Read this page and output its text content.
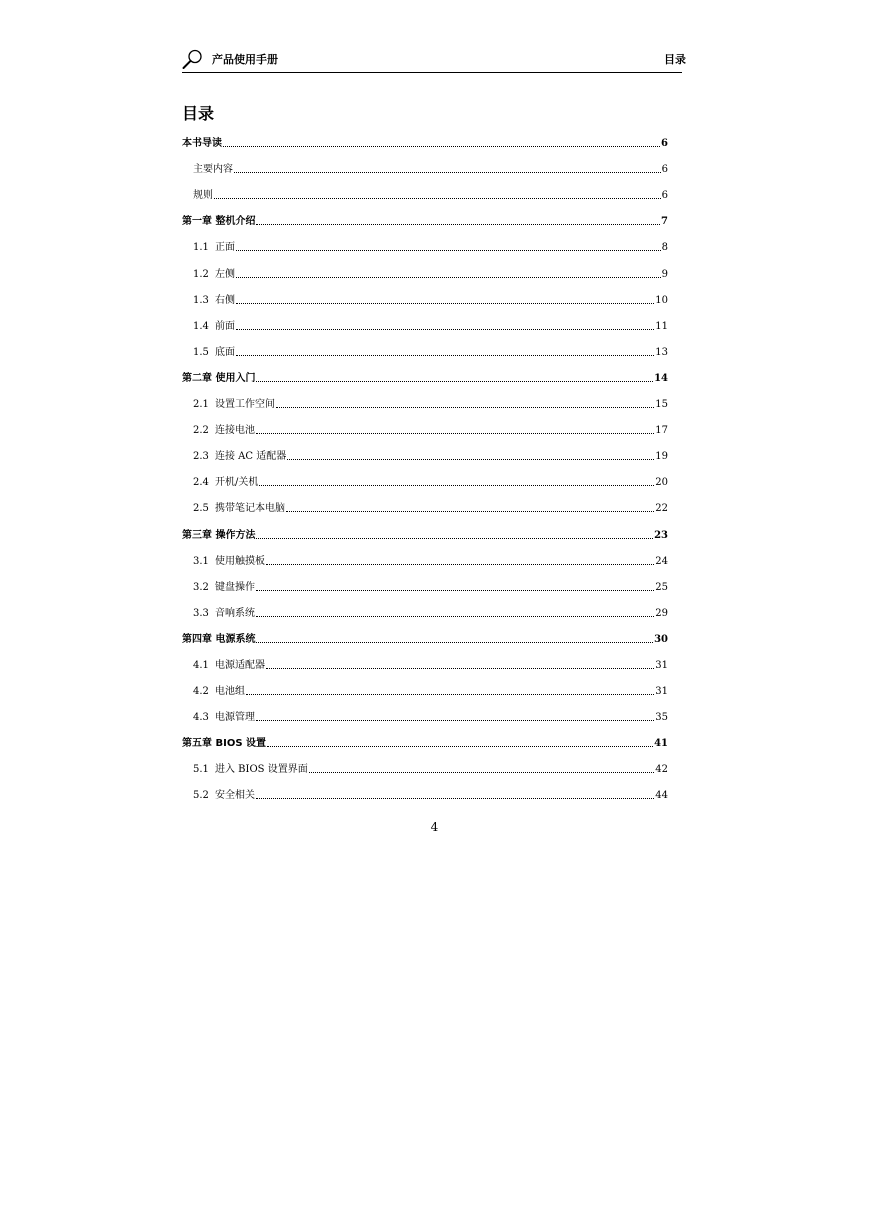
产品使用手册	目录
目录
本书导读	6
主要内容	6
规则	6
第一章 整机介绍	7
1.1 正面	8
1.2 左侧	9
1.3 右侧	10
1.4 前面	11
1.5 底面	13
第二章 使用入门	14
2.1 设置工作空间	15
2.2 连接电池	17
2.3 连接 AC 适配器	19
2.4 开机/关机	20
2.5 携带笔记本电脑	22
第三章 操作方法	23
3.1 使用触摸板	24
3.2 键盘操作	25
3.3 音响系统	29
第四章 电源系统	30
4.1 电源适配器	31
4.2 电池组	31
4.3 电源管理	35
第五章 BIOS 设置	41
5.1 进入 BIOS 设置界面	42
5.2 安全相关	44
4
